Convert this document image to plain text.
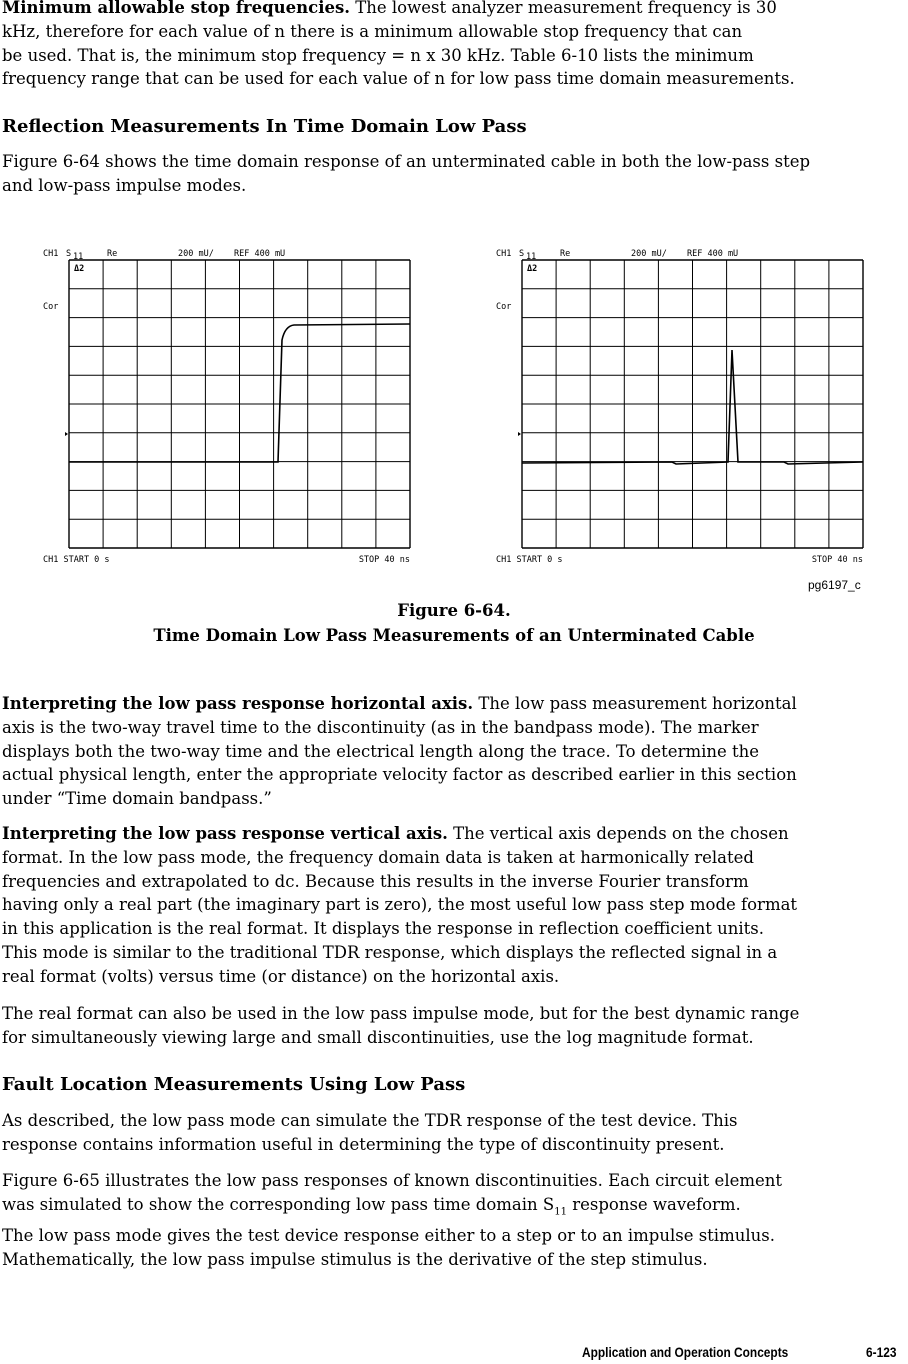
Minimum allowable stop frequencies. The lowest analyzer measurement frequency is 30
kHz, therefore for each value of n there is a minimum allowable stop frequency that can
be used. That is, the minimum stop frequency = n x 30 kHz. Table 6-10 lists the minimum
frequency range that can be used for each value of n for low pass time domain measurements.
Reflection Measurements In Time Domain Low Pass
Figure 6-64 shows the time domain response of an unterminated cable in both the low-pass step
and low-pass impulse modes.
CH1 S 11	Re	200 mU/ REF 400 mU
Δ2
Cor
CH1 START 0 s	STOP 40 ns
CH1 S 11	Re	200 mU/ REF 400 mU
Δ2
Cor
CH1 START 0 s	STOP 40 ns
pg6197_c
Figure 6-64.
Time Domain Low Pass Measurements of an Unterminated Cable
Interpreting the low pass response horizontal axis. The low pass measurement horizontal
axis is the two-way travel time to the discontinuity (as in the bandpass mode). The marker
displays both the two-way time and the electrical length along the trace. To determine the
actual physical length, enter the appropriate velocity factor as described earlier in this section
under “Time domain bandpass.”
Interpreting the low pass response vertical axis. The vertical axis depends on the chosen
format. In the low pass mode, the frequency domain data is taken at harmonically related
frequencies and extrapolated to dc. Because this results in the inverse Fourier transform
having only a real part (the imaginary part is zero), the most useful low pass step mode format
in this application is the real format. It displays the response in reflection coefficient units.
This mode is similar to the traditional TDR response, which displays the reflected signal in a
real format (volts) versus time (or distance) on the horizontal axis.
The real format can also be used in the low pass impulse mode, but for the best dynamic range
for simultaneously viewing large and small discontinuities, use the log magnitude format.
Fault Location Measurements Using Low Pass
As described, the low pass mode can simulate the TDR response of the test device. This
response contains information useful in determining the type of discontinuity present.
Figure 6-65 illustrates the low pass responses of known discontinuities. Each circuit element
was simulated to show the corresponding low pass time domain $S_{11}$ response waveform.
The low pass mode gives the test device response either to a step or to an impulse stimulus.
Mathematically, the low pass impulse stimulus is the derivative of the step stimulus.
Application and Operation Concepts	6-123
